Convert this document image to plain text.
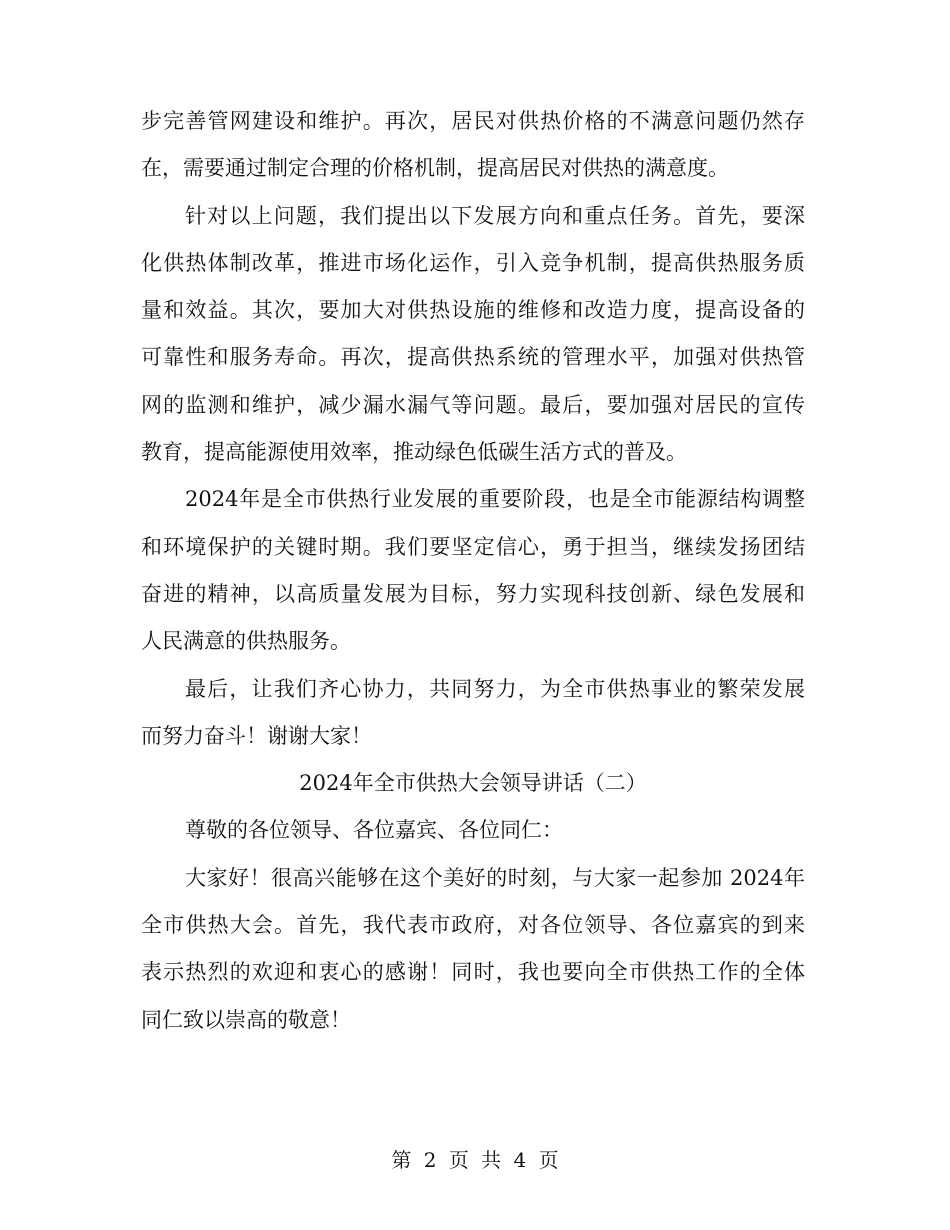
步完善管网建设和维护。再次，居民对供热价格的不满意问题仍然存
在，需要通过制定合理的价格机制，提高居民对供热的满意度。
针对以上问题，我们提出以下发展方向和重点任务。首先，要深
化供热体制改革，推进市场化运作，引入竞争机制，提高供热服务质
量和效益。其次，要加大对供热设施的维修和改造力度，提高设备的
可靠性和服务寿命。再次，提高供热系统的管理水平，加强对供热管
网的监测和维护，减少漏水漏气等问题。最后，要加强对居民的宣传
教育，提高能源使用效率，推动绿色低碳生活方式的普及。
2024年是全市供热行业发展的重要阶段，也是全市能源结构调整
和环境保护的关键时期。我们要坚定信心，勇于担当，继续发扬团结
奋进的精神，以高质量发展为目标，努力实现科技创新、绿色发展和
人民满意的供热服务。
最后，让我们齐心协力，共同努力，为全市供热事业的繁荣发展
而努力奋斗！谢谢大家！
2024年全市供热大会领导讲话（二）
尊敬的各位领导、各位嘉宾、各位同仁：
大家好！很高兴能够在这个美好的时刻，与大家一起参加 2024年
全市供热大会。首先，我代表市政府，对各位领导、各位嘉宾的到来
表示热烈的欢迎和衷心的感谢！同时，我也要向全市供热工作的全体
同仁致以崇高的敬意！
第 2 页 共 4 页
